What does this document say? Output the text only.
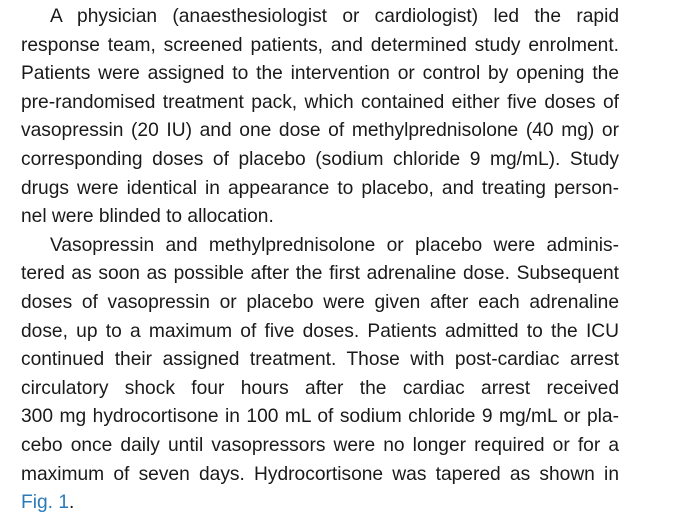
A physician (anaesthesiologist or cardiologist) led the rapid
response team, screened patients, and determined study enrolment.
Patients were assigned to the intervention or control by opening the
pre-randomised treatment pack, which contained either five doses of
vasopressin (20 IU) and one dose of methylprednisolone (40 mg) or
corresponding doses of placebo (sodium chloride 9 mg/mL). Study
drugs were identical in appearance to placebo, and treating person-
nel were blinded to allocation.

Vasopressin and methylprednisolone or placebo were adminis-
tered as soon as possible after the first adrenaline dose. Subsequent
doses of vasopressin or placebo were given after each adrenaline
dose, up to a maximum of five doses. Patients admitted to the ICU
continued their assigned treatment. Those with post-cardiac arrest
circulatory shock four hours after the cardiac arrest received
300 mg hydrocortisone in 100 mL of sodium chloride 9 mg/mL or pla-
cebo once daily until vasopressors were no longer required or for a
maximum of seven days. Hydrocortisone was tapered as shown in
Fig. 1.
